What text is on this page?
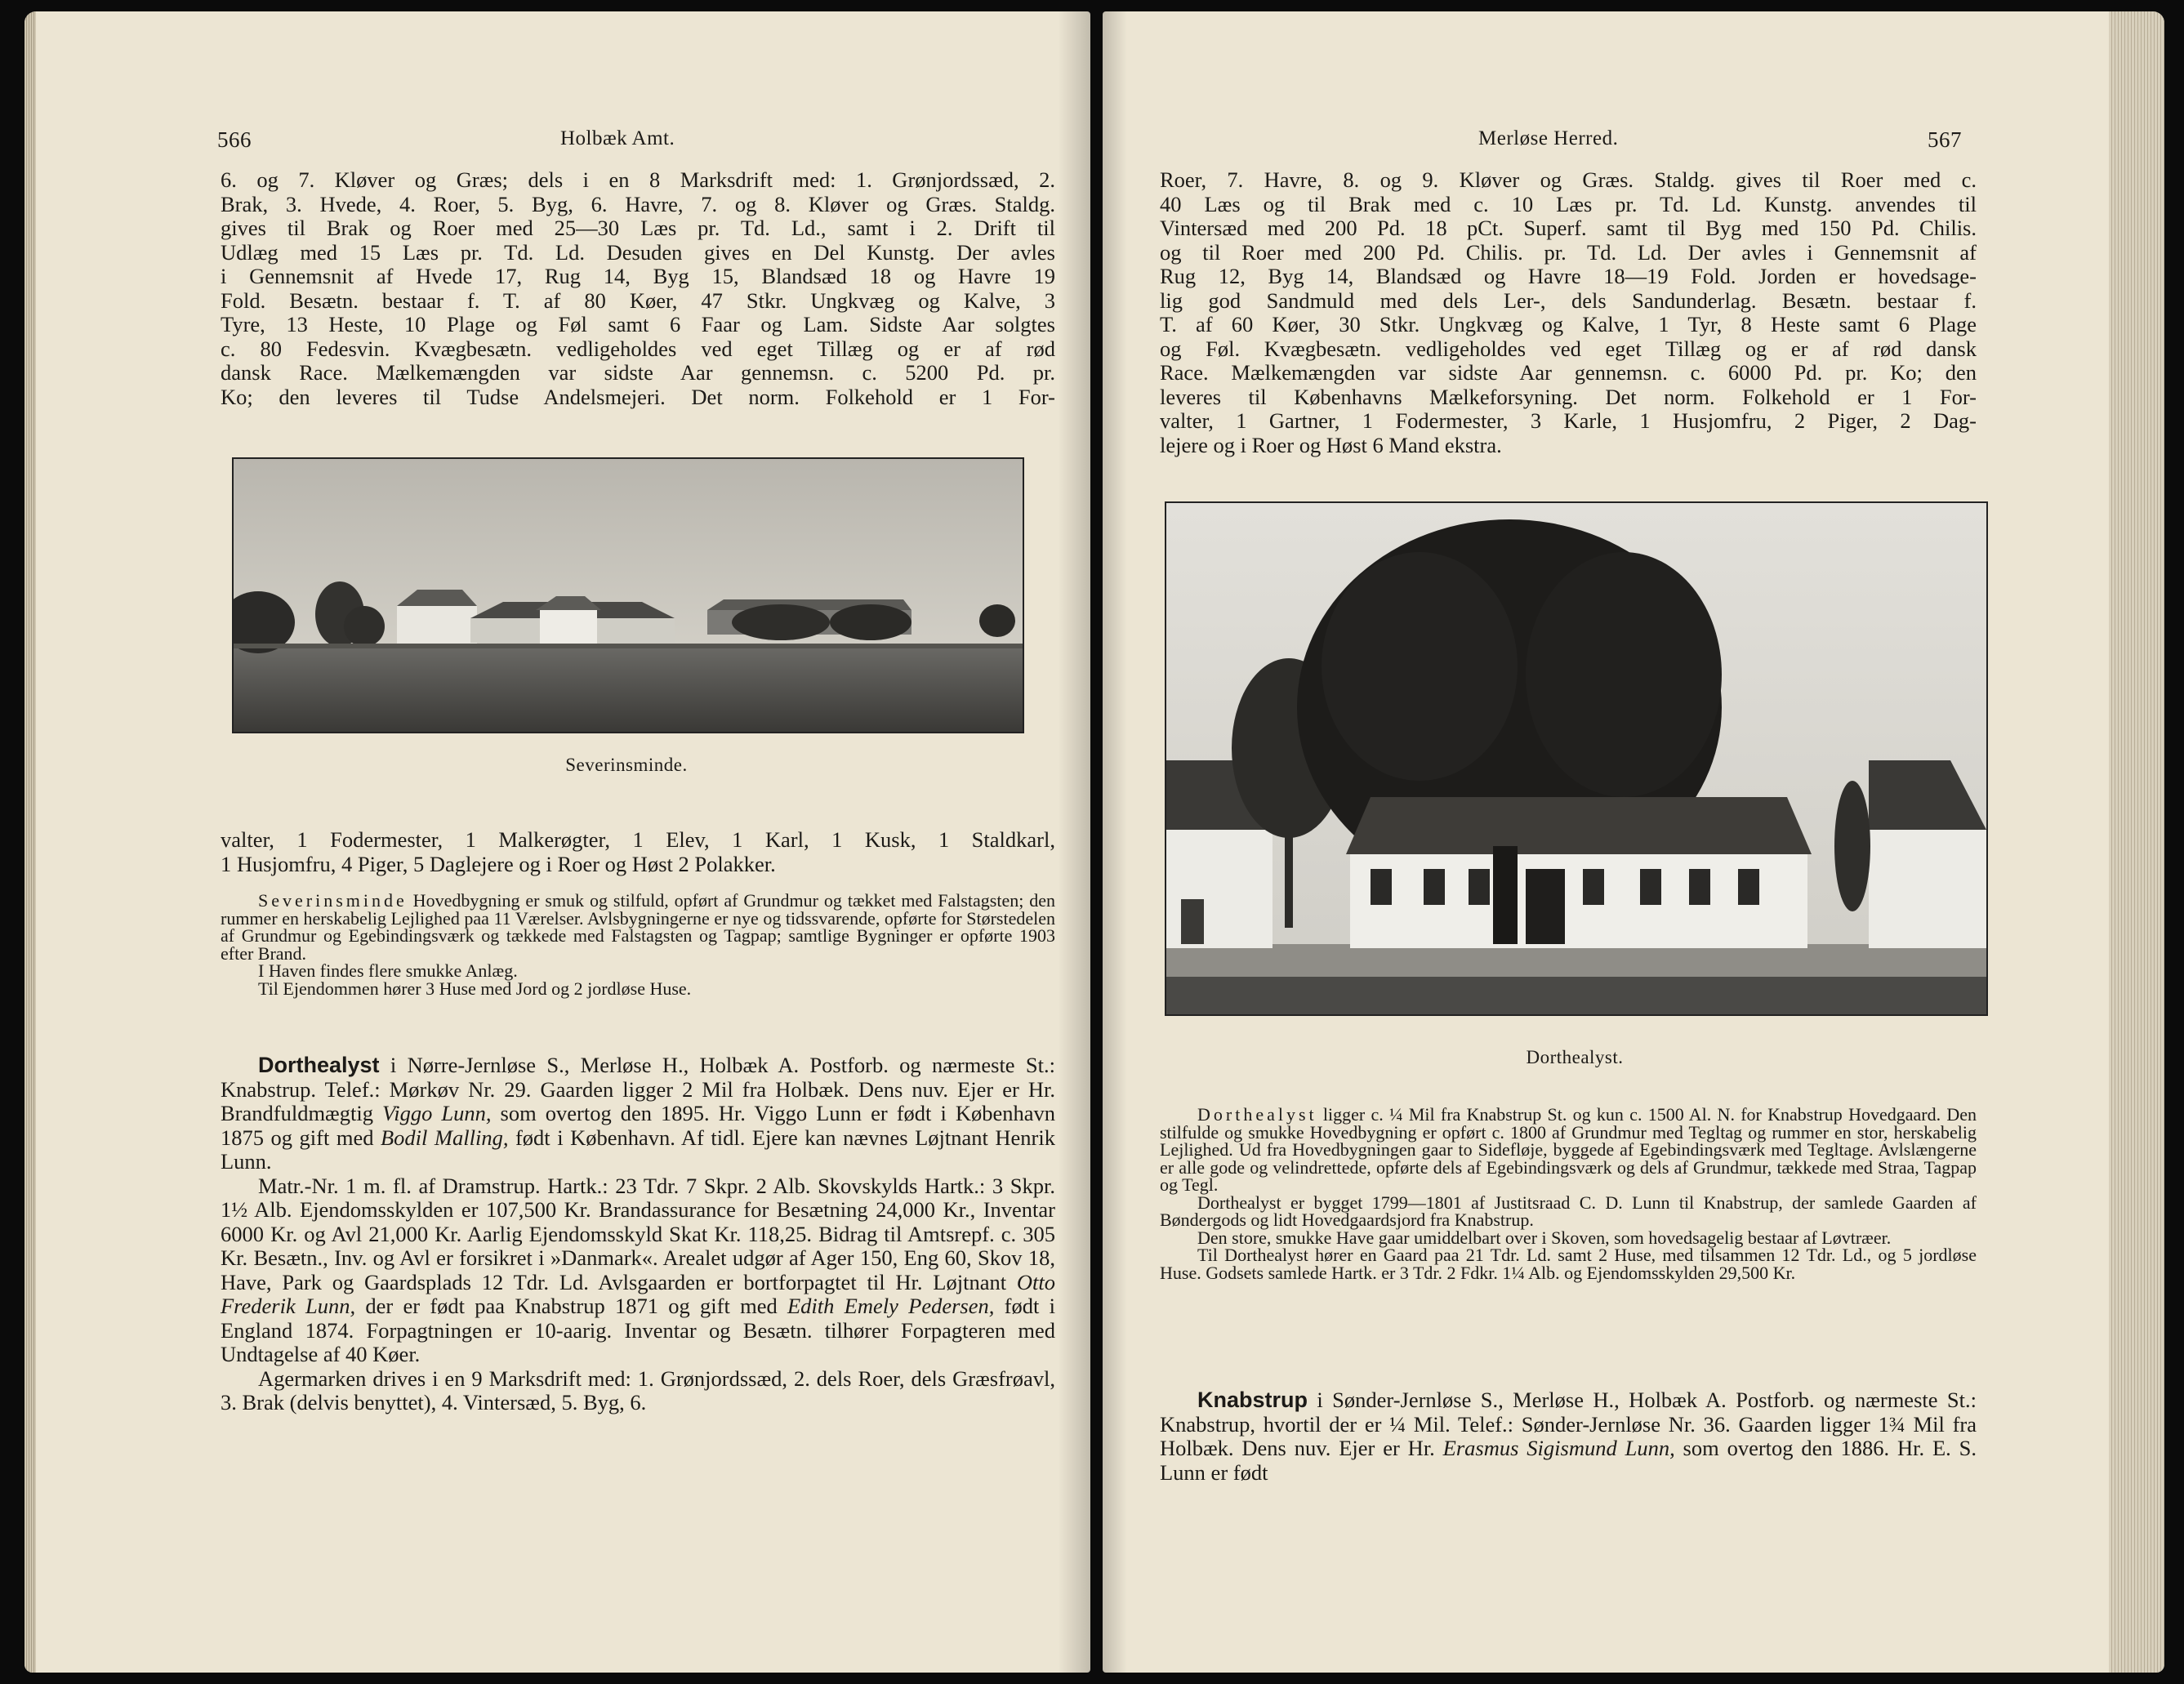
566	Holbæk Amt.
6. og 7. Kløver og Græs; dels i en 8 Marksdrift med: 1. Grønjordssæd, 2.
Brak, 3. Hvede, 4. Roer, 5. Byg, 6. Havre, 7. og 8. Kløver og Græs. Staldg.
gives til Brak og Roer med 25—30 Læs pr. Td. Ld., samt i 2. Drift til
Udlæg med 15 Læs pr. Td. Ld. Desuden gives en Del Kunstg. Der avles
i Gennemsnit af Hvede 17, Rug 14, Byg 15, Blandsæd 18 og Havre 19
Fold. Besætn. bestaar f. T. af 80 Køer, 47 Stkr. Ungkvæg og Kalve, 3
Tyre, 13 Heste, 10 Plage og Føl samt 6 Faar og Lam. Sidste Aar solgtes
c. 80 Fedesvin. Kvægbesætn. vedligeholdes ved eget Tillæg og er af rød
dansk Race. Mælkemængden var sidste Aar gennemsn. c. 5200 Pd. pr.
Ko; den leveres til Tudse Andelsmejeri. Det norm. Folkehold er 1 For-
Severinsminde.
valter, 1 Fodermester, 1 Malkerøgter, 1 Elev, 1 Karl, 1 Kusk, 1 Staldkarl,
1 Husjomfru, 4 Piger, 5 Daglejere og i Roer og Høst 2 Polakker.

Severinsminde Hovedbygning er smuk og stilfuld, opført af Grundmur og tækket med Falstagsten; den rummer en herskabelig Lejlighed paa 11 Værelser. Avlsbygningerne er nye og tidssvarende, opførte for Størstedelen af Grundmur og Egebindingsværk og tækkede med Falstagsten og Tagpap; samtlige Bygninger er opførte 1903 efter Brand.

I Haven findes flere smukke Anlæg.

Til Ejendommen hører 3 Huse med Jord og 2 jordløse Huse.

Dorthealyst i Nørre-Jernløse S., Merløse H., Holbæk A. Postforb. og nærmeste St.: Knabstrup. Telef.: Mørkøv Nr. 29. Gaarden ligger 2 Mil fra Holbæk. Dens nuv. Ejer er Hr. Brandfuldmægtig Viggo Lunn, som overtog den 1895. Hr. Viggo Lunn er født i København 1875 og gift med Bodil Malling, født i København. Af tidl. Ejere kan nævnes Løjtnant Henrik Lunn.

Matr.-Nr. 1 m. fl. af Dramstrup. Hartk.: 23 Tdr. 7 Skpr. 2 Alb. Skovskylds Hartk.: 3 Skpr. 1½ Alb. Ejendomsskylden er 107,500 Kr. Brandassurance for Besætning 24,000 Kr., Inventar 6000 Kr. og Avl 21,000 Kr. Aarlig Ejendomsskyld Skat Kr. 118,25. Bidrag til Amtsrepf. c. 305 Kr. Besætn., Inv. og Avl er forsikret i »Danmark«. Arealet udgør af Ager 150, Eng 60, Skov 18, Have, Park og Gaardsplads 12 Tdr. Ld. Avlsgaarden er bortforpagtet til Hr. Løjtnant Otto Frederik Lunn, der er født paa Knabstrup 1871 og gift med Edith Emely Pedersen, født i England 1874. Forpagtningen er 10-aarig. Inventar og Besætn. tilhører Forpagteren med Undtagelse af 40 Køer.

Agermarken drives i en 9 Marksdrift med: 1. Grønjordssæd, 2. dels Roer, dels Græsfrøavl, 3. Brak (delvis benyttet), 4. Vintersæd, 5. Byg, 6.

Merløse Herred.	567
Roer, 7. Havre, 8. og 9. Kløver og Græs. Staldg. gives til Roer med c.
40 Læs og til Brak med c. 10 Læs pr. Td. Ld. Kunstg. anvendes til
Vintersæd med 200 Pd. 18 pCt. Superf. samt til Byg med 150 Pd. Chilis.
og til Roer med 200 Pd. Chilis. pr. Td. Ld. Der avles i Gennemsnit af
Rug 12, Byg 14, Blandsæd og Havre 18—19 Fold. Jorden er hovedsage-
lig god Sandmuld med dels Ler-, dels Sandunderlag. Besætn. bestaar f.
T. af 60 Køer, 30 Stkr. Ungkvæg og Kalve, 1 Tyr, 8 Heste samt 6 Plage
og Føl. Kvægbesætn. vedligeholdes ved eget Tillæg og er af rød dansk
Race. Mælkemængden var sidste Aar gennemsn. c. 6000 Pd. pr. Ko; den
leveres til Københavns Mælkeforsyning. Det norm. Folkehold er 1 For-
valter, 1 Gartner, 1 Fodermester, 3 Karle, 1 Husjomfru, 2 Piger, 2 Dag-
lejere og i Roer og Høst 6 Mand ekstra.
Dorthealyst.

Dorthealyst ligger c. ¼ Mil fra Knabstrup St. og kun c. 1500 Al. N. for Knabstrup Hovedgaard. Den stilfulde og smukke Hovedbygning er opført c. 1800 af Grundmur med Tegltag og rummer en stor, herskabelig Lejlighed. Ud fra Hovedbygningen gaar to Sidefløje, byggede af Egebindingsværk med Tegltage. Avlslængerne er alle gode og velindrettede, opførte dels af Egebindingsværk og dels af Grundmur, tækkede med Straa, Tagpap og Tegl.

Dorthealyst er bygget 1799—1801 af Justitsraad C. D. Lunn til Knabstrup, der samlede Gaarden af Bøndergods og lidt Hovedgaardsjord fra Knabstrup.

Den store, smukke Have gaar umiddelbart over i Skoven, som hovedsagelig bestaar af Løvtræer.

Til Dorthealyst hører en Gaard paa 21 Tdr. Ld. samt 2 Huse, med tilsammen 12 Tdr. Ld., og 5 jordløse Huse. Godsets samlede Hartk. er 3 Tdr. 2 Fdkr. 1¼ Alb. og Ejendomsskylden 29,500 Kr.

Knabstrup i Sønder-Jernløse S., Merløse H., Holbæk A. Postforb. og nærmeste St.: Knabstrup, hvortil der er ¼ Mil. Telef.: Sønder-Jernløse Nr. 36. Gaarden ligger 1¾ Mil fra Holbæk. Dens nuv. Ejer er Hr. Erasmus Sigismund Lunn, som overtog den 1886. Hr. E. S. Lunn er født
